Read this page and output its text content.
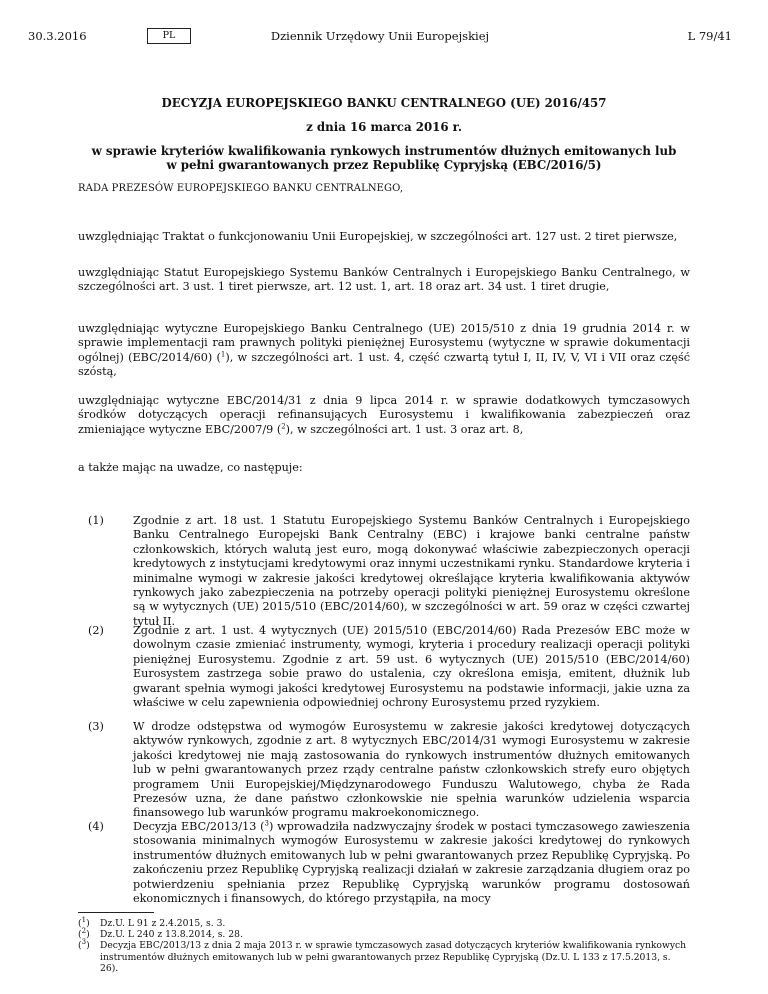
30.3.2016	PL	Dziennik Urzędowy Unii Europejskiej	L 79/41
DECYZJA EUROPEJSKIEGO BANKU CENTRALNEGO (UE) 2016/457
z dnia 16 marca 2016 r.
w sprawie kryteriów kwalifikowania rynkowych instrumentów dłużnych emitowanych lub w pełni gwarantowanych przez Republikę Cypryjską (EBC/2016/5)
RADA PREZESÓW EUROPEJSKIEGO BANKU CENTRALNEGO,
uwzględniając Traktat o funkcjonowaniu Unii Europejskiej, w szczególności art. 127 ust. 2 tiret pierwsze,
uwzględniając Statut Europejskiego Systemu Banków Centralnych i Europejskiego Banku Centralnego, w szczególności art. 3 ust. 1 tiret pierwsze, art. 12 ust. 1, art. 18 oraz art. 34 ust. 1 tiret drugie,
uwzględniając wytyczne Europejskiego Banku Centralnego (UE) 2015/510 z dnia 19 grudnia 2014 r. w sprawie implementacji ram prawnych polityki pieniężnej Eurosystemu (wytyczne w sprawie dokumentacji ogólnej) (EBC/2014/60) ($^1$), w szczególności art. 1 ust. 4, część czwartą tytuł I, II, IV, V, VI i VII oraz część szóstą,
uwzględniając wytyczne EBC/2014/31 z dnia 9 lipca 2014 r. w sprawie dodatkowych tymczasowych środków dotyczących operacji refinansujących Eurosystemu i kwalifikowania zabezpieczeń oraz zmieniające wytyczne EBC/2007/9 ($^2$), w szczególności art. 1 ust. 3 oraz art. 8,
a także mając na uwadze, co następuje:
(1)	Zgodnie z art. 18 ust. 1 Statutu Europejskiego Systemu Banków Centralnych i Europejskiego Banku Centralnego Europejski Bank Centralny (EBC) i krajowe banki centralne państw członkowskich, których walutą jest euro, mogą dokonywać właściwie zabezpieczonych operacji kredytowych z instytucjami kredytowymi oraz innymi uczestnikami rynku. Standardowe kryteria i minimalne wymogi w zakresie jakości kredytowej określające kryteria kwalifikowania aktywów rynkowych jako zabezpieczenia na potrzeby operacji polityki pieniężnej Eurosystemu określone są w wytycznych (UE) 2015/510 (EBC/2014/60), w szczególności w art. 59 oraz w części czwartej tytuł II.
(2)	Zgodnie z art. 1 ust. 4 wytycznych (UE) 2015/510 (EBC/2014/60) Rada Prezesów EBC może w dowolnym czasie zmieniać instrumenty, wymogi, kryteria i procedury realizacji operacji polityki pieniężnej Eurosystemu. Zgodnie z art. 59 ust. 6 wytycznych (UE) 2015/510 (EBC/2014/60) Eurosystem zastrzega sobie prawo do ustalenia, czy określona emisja, emitent, dłużnik lub gwarant spełnia wymogi jakości kredytowej Eurosystemu na podstawie informacji, jakie uzna za właściwe w celu zapewnienia odpowiedniej ochrony Eurosystemu przed ryzykiem.
(3)	W drodze odstępstwa od wymogów Eurosystemu w zakresie jakości kredytowej dotyczących aktywów rynkowych, zgodnie z art. 8 wytycznych EBC/2014/31 wymogi Eurosystemu w zakresie jakości kredytowej nie mają zastosowania do rynkowych instrumentów dłużnych emitowanych lub w pełni gwarantowanych przez rządy centralne państw członkowskich strefy euro objętych programem Unii Europejskiej/Międzynarodowego Funduszu Walutowego, chyba że Rada Prezesów uzna, że dane państwo członkowskie nie spełnia warunków udzielenia wsparcia finansowego lub warunków programu makroekonomicznego.
(4)	Decyzja EBC/2013/13 ($^3$) wprowadziła nadzwyczajny środek w postaci tymczasowego zawieszenia stosowania minimalnych wymogów Eurosystemu w zakresie jakości kredytowej do rynkowych instrumentów dłużnych emitowanych lub w pełni gwarantowanych przez Republikę Cypryjską. Po zakończeniu przez Republikę Cypryjską realizacji działań w zakresie zarządzania długiem oraz po potwierdzeniu spełniania przez Republikę Cypryjską warunków programu dostosowań ekonomicznych i finansowych, do którego przystąpiła, na mocy
($^1$) Dz.U. L 91 z 2.4.2015, s. 3.
($^2$) Dz.U. L 240 z 13.8.2014, s. 28.
($^3$) Decyzja EBC/2013/13 z dnia 2 maja 2013 r. w sprawie tymczasowych zasad dotyczących kryteriów kwalifikowania rynkowych instrumentów dłużnych emitowanych lub w pełni gwarantowanych przez Republikę Cypryjską (Dz.U. L 133 z 17.5.2013, s. 26).
